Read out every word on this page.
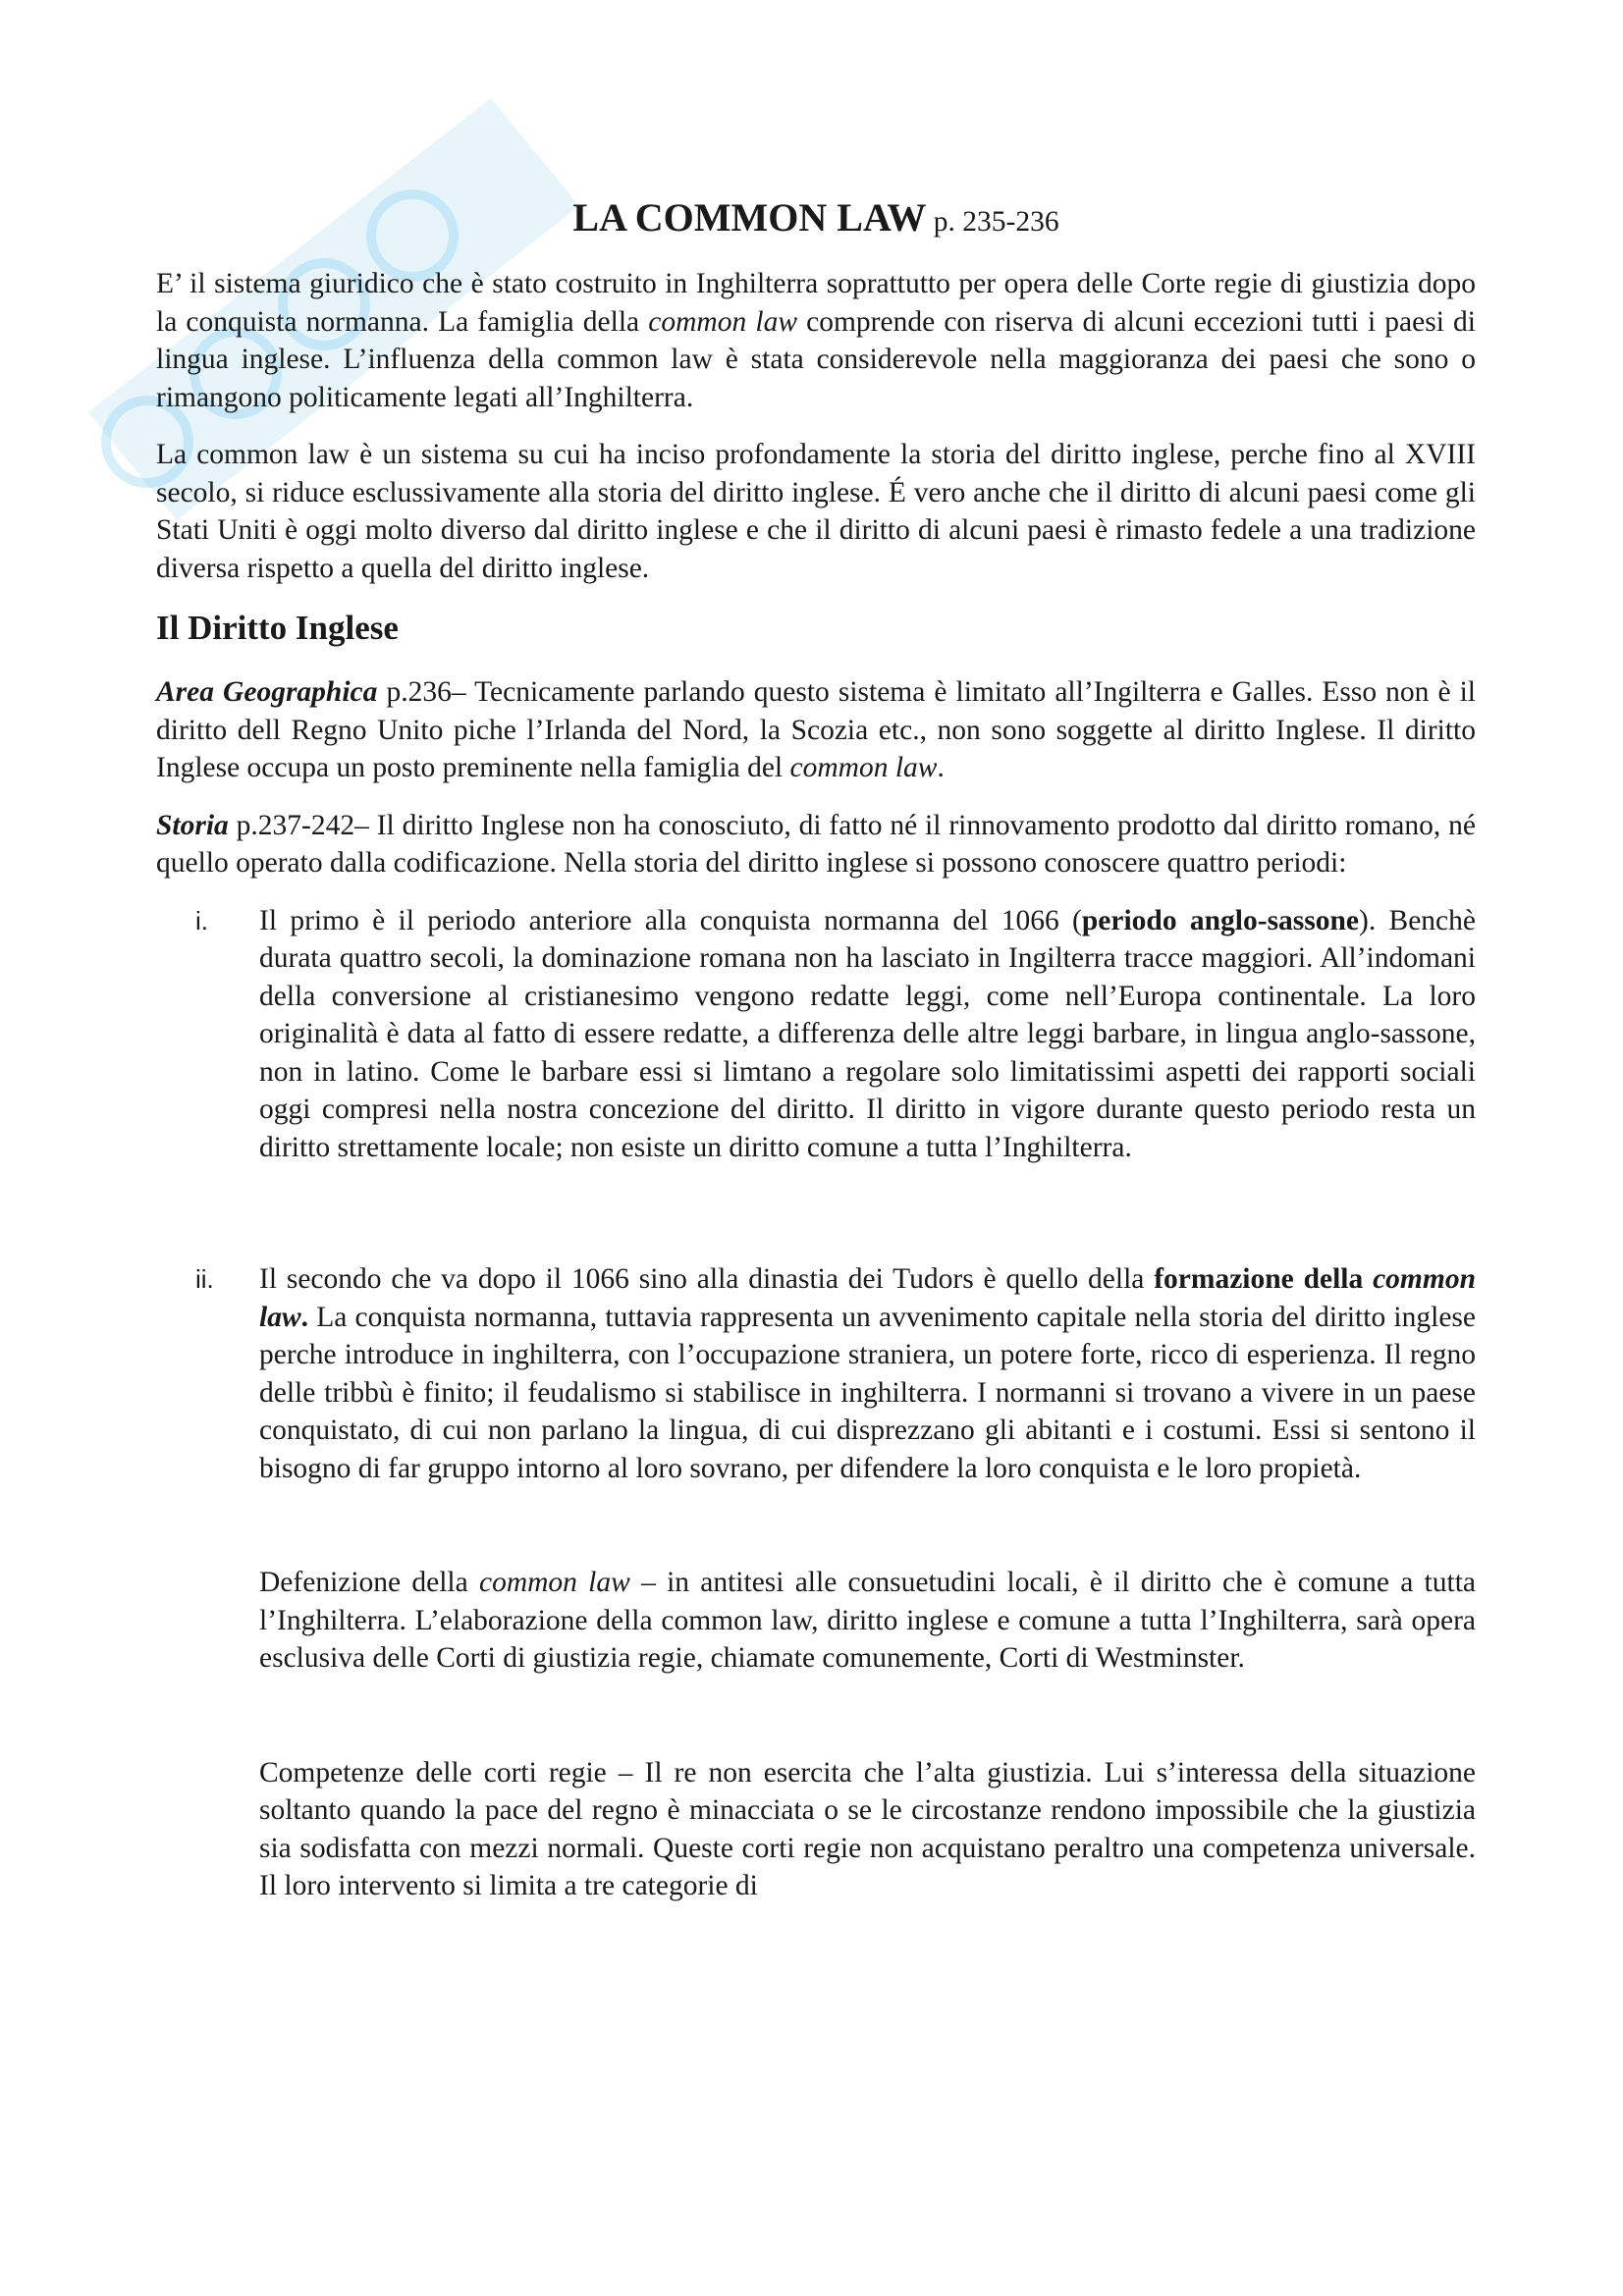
LA COMMON LAW p. 235-236

E’ il sistema giuridico che è stato costruito in Inghilterra soprattutto per opera delle Corte regie di giustizia dopo la conquista normanna. La famiglia della common law comprende con riserva di alcuni eccezioni tutti i paesi di lingua inglese. L’influenza della common law è stata considerevole nella maggioranza dei paesi che sono o rimangono politicamente legati all’Inghilterra.

La common law è un sistema su cui ha inciso profondamente la storia del diritto inglese, perche fino al XVIII secolo, si riduce esclussivamente alla storia del diritto inglese. É vero anche che il diritto di alcuni paesi come gli Stati Uniti è oggi molto diverso dal diritto inglese e che il diritto di alcuni paesi è rimasto fedele a una tradizione diversa rispetto a quella del diritto inglese.

Il Diritto Inglese

Area Geographica p.236– Tecnicamente parlando questo sistema è limitato all’Ingilterra e Galles. Esso non è il diritto dell Regno Unito piche l’Irlanda del Nord, la Scozia etc., non sono soggette al diritto Inglese. Il diritto Inglese occupa un posto preminente nella famiglia del common law.

Storia p.237-242– Il diritto Inglese non ha conosciuto, di fatto né il rinnovamento prodotto dal diritto romano, né quello operato dalla codificazione. Nella storia del diritto inglese si possono conoscere quattro periodi:

i. Il primo è il periodo anteriore alla conquista normanna del 1066 (periodo anglo-sassone). Benchè durata quattro secoli, la dominazione romana non ha lasciato in Ingilterra tracce maggiori. All’indomani della conversione al cristianesimo vengono redatte leggi, come nell’Europa continentale. La loro originalità è data al fatto di essere redatte, a differenza delle altre leggi barbare, in lingua anglo-sassone, non in latino. Come le barbare essi si limtano a regolare solo limitatissimi aspetti dei rapporti sociali oggi compresi nella nostra concezione del diritto. Il diritto in vigore durante questo periodo resta un diritto strettamente locale; non esiste un diritto comune a tutta l’Inghilterra.

ii. Il secondo che va dopo il 1066 sino alla dinastia dei Tudors è quello della formazione della common law. La conquista normanna, tuttavia rappresenta un avvenimento capitale nella storia del diritto inglese perche introduce in inghilterra, con l’occupazione straniera, un potere forte, ricco di esperienza. Il regno delle tribbù è finito; il feudalismo si stabilisce in inghilterra. I normanni si trovano a vivere in un paese conquistato, di cui non parlano la lingua, di cui disprezzano gli abitanti e i costumi. Essi si sentono il bisogno di far gruppo intorno al loro sovrano, per difendere la loro conquista e le loro propietà.

Defenizione della common law – in antitesi alle consuetudini locali, è il diritto che è comune a tutta l’Inghilterra. L’elaborazione della common law, diritto inglese e comune a tutta l’Inghilterra, sarà opera esclusiva delle Corti di giustizia regie, chiamate comunemente, Corti di Westminster.

Competenze delle corti regie – Il re non esercita che l’alta giustizia. Lui s’interessa della situazione soltanto quando la pace del regno è minacciata o se le circostanze rendono impossibile che la giustizia sia sodisfatta con mezzi normali. Queste corti regie non acquistano peraltro una competenza universale. Il loro intervento si limita a tre categorie di
